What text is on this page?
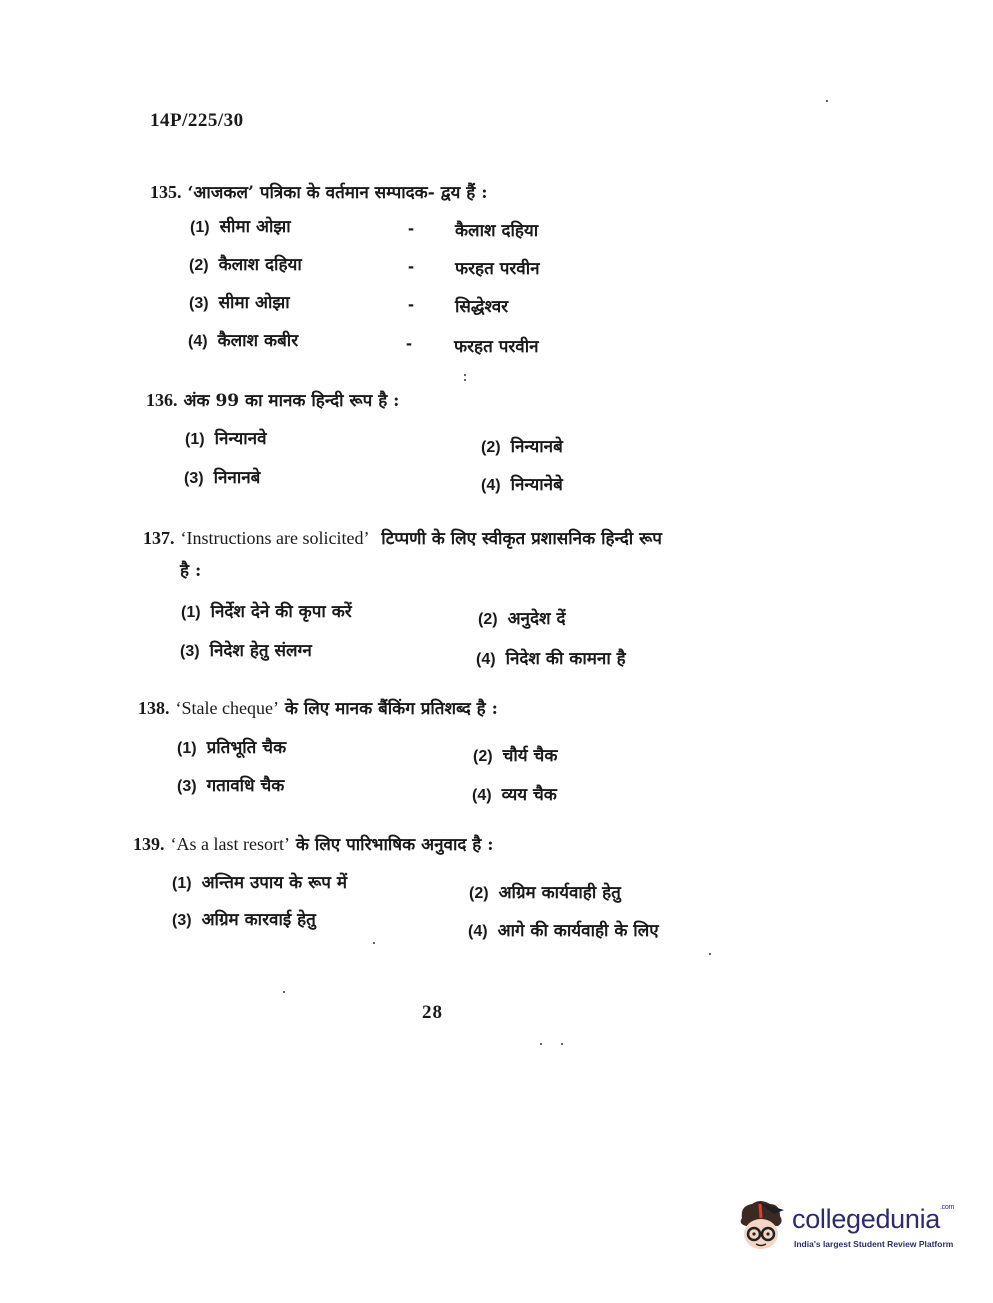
14P/225/30
135. ‘आजकल’ पत्रिका के वर्तमान सम्पादक- द्वय हैं :
(1) सीमा ओझा	- कैलाश दहिया
(2) कैलाश दहिया	- फरहत परवीन
(3) सीमा ओझा	- सिद्धेश्वर
(4) कैलाश कबीर	- फरहत परवीन
136. अंक 99 का मानक हिन्दी रूप है :
(1) निन्यानवे	(2) निन्यानबे
(3) निनानबे	(4) निन्यानेबे
137. ‘Instructions are solicited’ टिप्पणी के लिए स्वीकृत प्रशासनिक हिन्दी रूप
है :
(1) निर्देश देने की कृपा करें	(2) अनुदेश दें
(3) निदेश हेतु संलग्न	(4) निदेश की कामना है
138. ‘Stale cheque’ के लिए मानक बैंकिंग प्रतिशब्द है :
(1) प्रतिभूति चैक	(2) चौर्य चैक
(3) गतावधि चैक	(4) व्यय चैक
139. ‘As a last resort’ के लिए पारिभाषिक अनुवाद है :
(1) अन्तिम उपाय के रूप में
(2) अग्रिम कार्यवाही हेतु
(3) अग्रिम कारवाई हेतु
(4) आगे की कार्यवाही के लिए
28
collegedunia$^{.com}$
India's largest Student Review Platform
